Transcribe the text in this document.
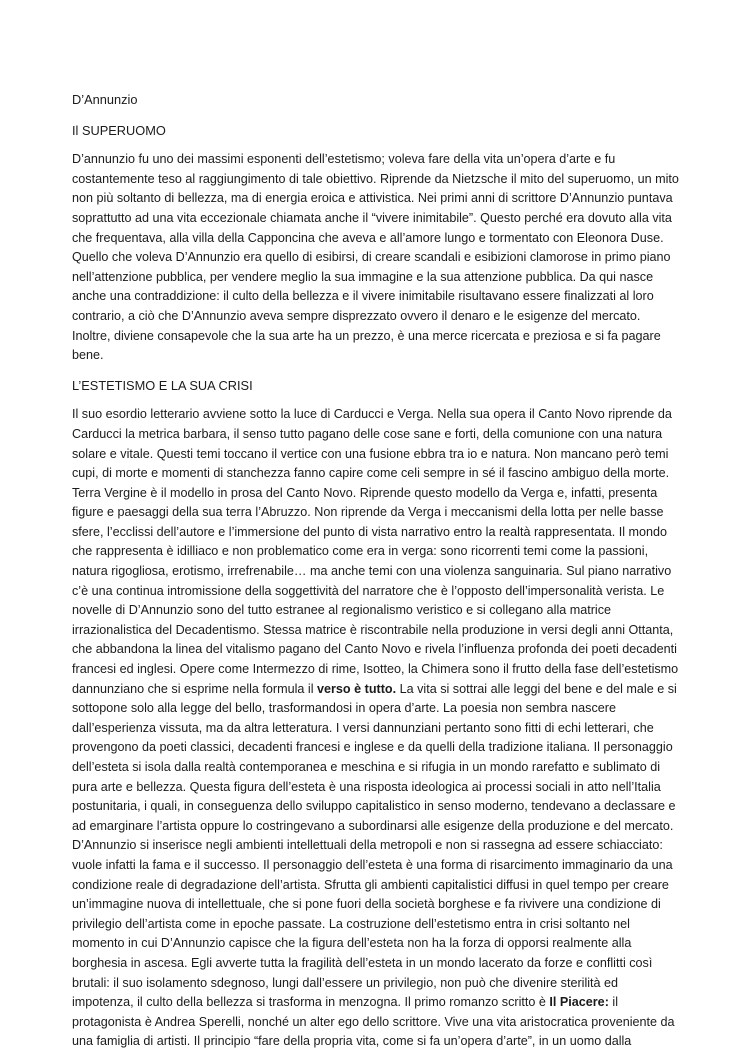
D’Annunzio

Il SUPERUOMO

D’annunzio fu uno dei massimi esponenti dell’estetismo; voleva fare della vita un’opera d’arte e fu costantemente teso al raggiungimento di tale obiettivo. Riprende da Nietzsche il mito del superuomo, un mito non più soltanto di bellezza, ma di energia eroica e attivistica. Nei primi anni di scrittore D’Annunzio puntava soprattutto ad una vita eccezionale chiamata anche il “vivere inimitabile”. Questo perché era dovuto alla vita che frequentava, alla villa della Capponcina che aveva e all’amore lungo e tormentato con Eleonora Duse. Quello che voleva D’Annunzio era quello di esibirsi, di creare scandali e esibizioni clamorose in primo piano nell’attenzione pubblica, per vendere meglio la sua immagine e la sua attenzione pubblica. Da qui nasce anche una contraddizione: il culto della bellezza e il vivere inimitabile risultavano essere finalizzati al loro contrario, a ciò che D’Annunzio aveva sempre disprezzato ovvero il denaro e le esigenze del mercato. Inoltre, diviene consapevole che la sua arte ha un prezzo, è una merce ricercata e preziosa e si fa pagare bene.

L’ESTETISMO E LA SUA CRISI

Il suo esordio letterario avviene sotto la luce di Carducci e Verga. Nella sua opera il Canto Novo riprende da Carducci la metrica barbara, il senso tutto pagano delle cose sane e forti, della comunione con una natura solare e vitale. Questi temi toccano il vertice con una fusione ebbra tra io e natura. Non mancano però temi cupi, di morte e momenti di stanchezza fanno capire come celi sempre in sé il fascino ambiguo della morte. Terra Vergine è il modello in prosa del Canto Novo. Riprende questo modello da Verga e, infatti, presenta figure e paesaggi della sua terra l’Abruzzo. Non riprende da Verga i meccanismi della lotta per nelle basse sfere, l’ecclissi dell’autore e l’immersione del punto di vista narrativo entro la realtà rappresentata. Il mondo che rappresenta è idilliaco e non problematico come era in verga: sono ricorrenti temi come la passioni, natura rigogliosa, erotismo, irrefrenabile… ma anche temi con una violenza sanguinaria. Sul piano narrativo c’è una continua intromissione della soggettività del narratore che è l’opposto dell’impersonalità verista. Le novelle di D’Annunzio sono del tutto estranee al regionalismo veristico e si collegano alla matrice irrazionalistica del Decadentismo. Stessa matrice è riscontrabile nella produzione in versi degli anni Ottanta, che abbandona la linea del vitalismo pagano del Canto Novo e rivela l’influenza profonda dei poeti decadenti francesi ed inglesi. Opere come Intermezzo di rime, Isotteo, la Chimera sono il frutto della fase dell’estetismo dannunziano che si esprime nella formula il verso è tutto. La vita si sottrai alle leggi del bene e del male e si sottopone solo alla legge del bello, trasformandosi in opera d’arte. La poesia non sembra nascere dall’esperienza vissuta, ma da altra letteratura. I versi dannunziani pertanto sono fitti di echi letterari, che provengono da poeti classici, decadenti francesi e inglese e da quelli della tradizione italiana. Il personaggio dell’esteta si isola dalla realtà contemporanea e meschina e si rifugia in un mondo rarefatto e sublimato di pura arte e bellezza. Questa figura dell’esteta è una risposta ideologica ai processi sociali in atto nell’Italia postunitaria, i quali, in conseguenza dello sviluppo capitalistico in senso moderno, tendevano a declassare e ad emarginare l’artista oppure lo costringevano a subordinarsi alle esigenze della produzione e del mercato. D’Annunzio si inserisce negli ambienti intellettuali della metropoli e non si rassegna ad essere schiacciato: vuole infatti la fama e il successo. Il personaggio dell’esteta è una forma di risarcimento immaginario da una condizione reale di degradazione dell’artista. Sfrutta gli ambienti capitalistici diffusi in quel tempo per creare un’immagine nuova di intellettuale, che si pone fuori della società borghese e fa rivivere una condizione di privilegio dell’artista come in epoche passate. La costruzione dell’estetismo entra in crisi soltanto nel momento in cui D’Annunzio capisce che la figura dell’esteta non ha la forza di opporsi realmente alla borghesia in ascesa. Egli avverte tutta la fragilità dell’esteta in un mondo lacerato da forze e conflitti così brutali: il suo isolamento sdegnoso, lungi dall’essere un privilegio, non può che divenire sterilità ed impotenza, il culto della bellezza si trasforma in menzogna. Il primo romanzo scritto è Il Piacere: il protagonista è Andrea Sperelli, nonché un alter ego dello scrittore. Vive una vita aristocratica proveniente da una famiglia di artisti. Il principio “fare della propria vita, come si fa un’opera d’arte”, in un uomo dalla
